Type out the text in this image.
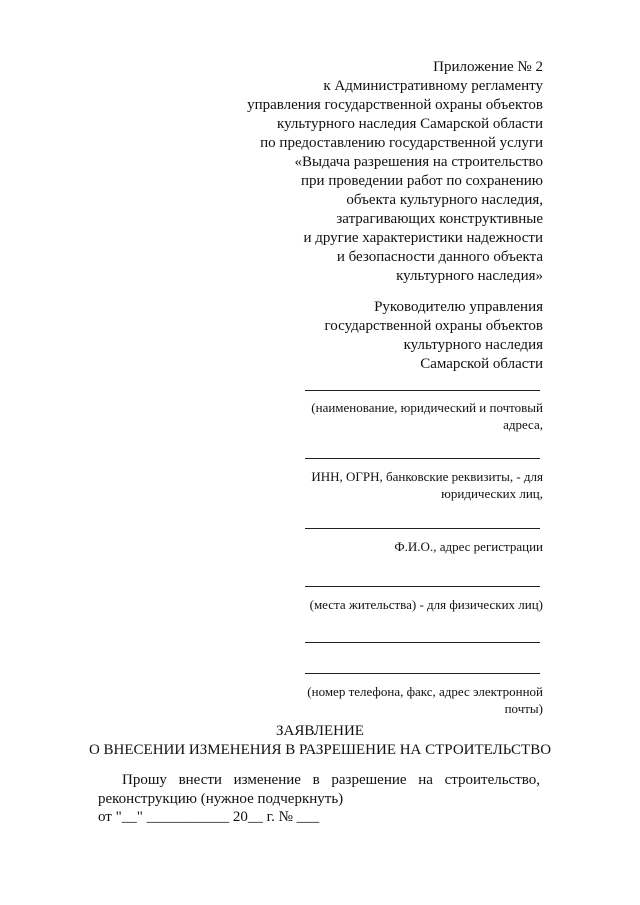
Приложение № 2
к Административному регламенту
управления государственной охраны объектов
культурного наследия Самарской области
по предоставлению государственной услуги
«Выдача разрешения на строительство
при проведении работ по сохранению
объекта культурного наследия,
затрагивающих конструктивные
и другие характеристики надежности
и безопасности данного объекта
культурного наследия»
Руководителю управления
государственной охраны объектов
культурного наследия
Самарской области
(наименование, юридический и почтовый
адреса,
ИНН, ОГРН, банковские реквизиты, - для
юридических лиц,
Ф.И.О., адрес регистрации
(места жительства) - для физических лиц)
(номер телефона, факс, адрес электронной
почты)
ЗАЯВЛЕНИЕ
О ВНЕСЕНИИ ИЗМЕНЕНИЯ В РАЗРЕШЕНИЕ НА СТРОИТЕЛЬСТВО
Прошу внести изменение в разрешение на строительство,
реконструкцию (нужное подчеркнуть)
от "__" ___________ 20__ г. № ___
